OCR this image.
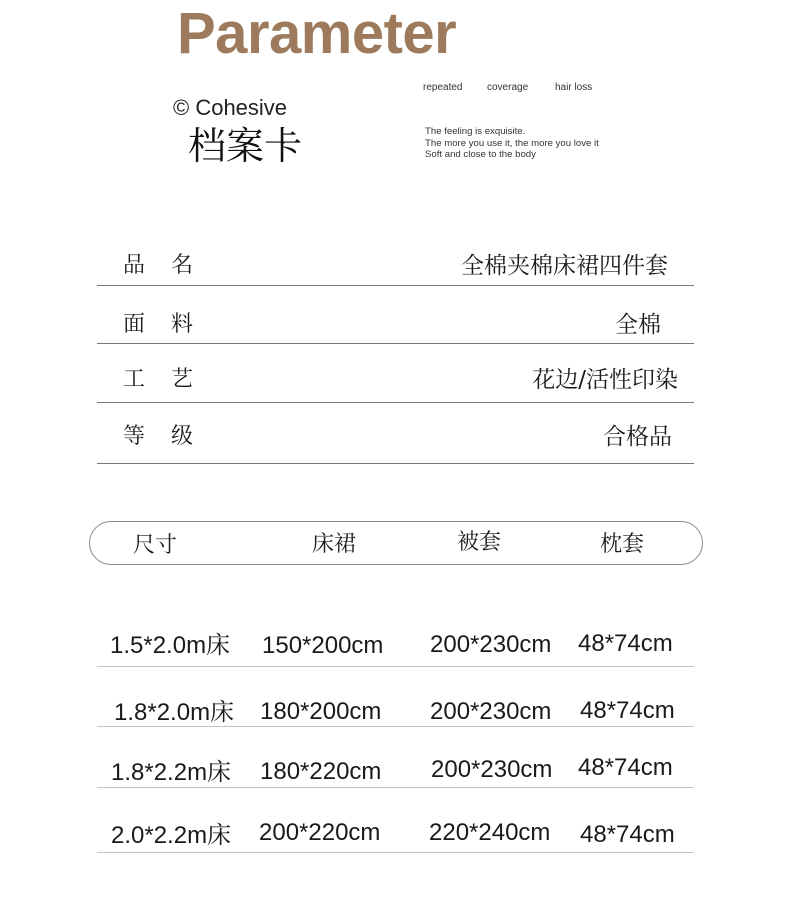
Parameter
© Cohesive
档案卡
repeated coverage	hair loss
The feeling is exquisite.
The more you use it, the more you love it
Soft and close to the body
品 名	全棉夹棉床裙四件套
面 料	全棉
工 艺	花边/活性印染
等 级	合格品
尺寸	床裙	被套	枕套
1.5*2.0m床 150*200cm 200*230cm 48*74cm
1.8*2.0m床 180*200cm 200*230cm 48*74cm
1.8*2.2m床 180*220cm 200*230cm 48*74cm
2.0*2.2m床 200*220cm 220*240cm 48*74cm
